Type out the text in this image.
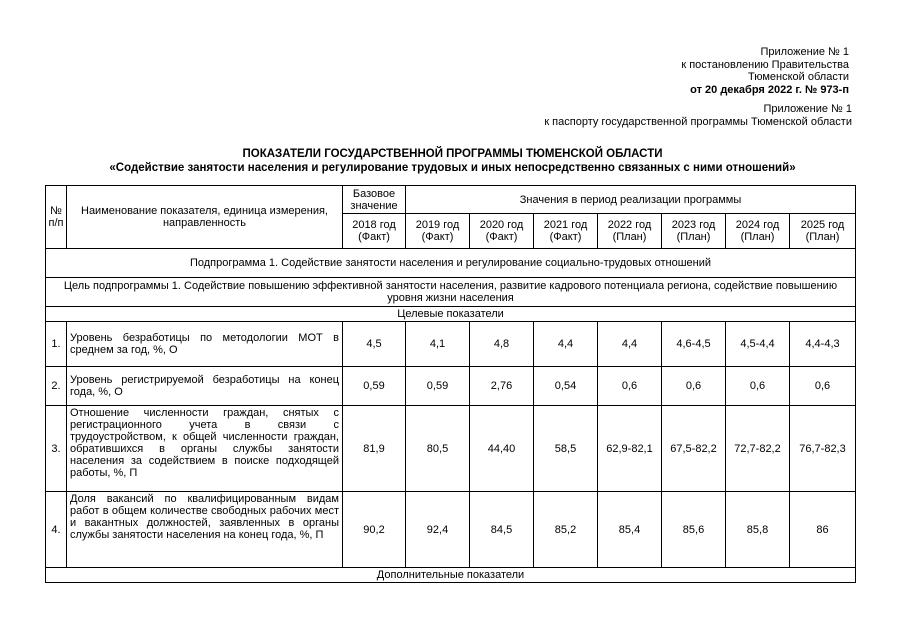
Приложение № 1
к постановлению Правительства
Тюменской области
от 20 декабря 2022 г. № 973-п
Приложение № 1
к паспорту государственной программы Тюменской области
ПОКАЗАТЕЛИ ГОСУДАРСТВЕННОЙ ПРОГРАММЫ ТЮМЕНСКОЙ ОБЛАСТИ
«Содействие занятости населения и регулирование трудовых и иных непосредственно связанных с ними отношений»
№ п/п	Наименование показателя, единица измерения, направленность	Базовое значение	Значения в период реализации программы						
		2018 год (Факт)	2019 год (Факт)	2020 год (Факт)	2021 год (Факт)	2022 год (План)	2023 год (План)	2024 год (План)	2025 год (План)
Подпрограмма 1. Содействие занятости населения и регулирование социально-трудовых отношений									
Цель подпрограммы 1. Содействие повышению эффективной занятости населения, развитие кадрового потенциала региона, содействие повышению уровня жизни населения									
Целевые показатели									
1.	Уровень безработицы по методологии МОТ в среднем за год, %, О	4,5	4,1	4,8	4,4	4,4	4,6-4,5	4,5-4,4	4,4-4,3
2.	Уровень регистрируемой безработицы на конец года, %, О	0,59	0,59	2,76	0,54	0,6	0,6	0,6	0,6
3.	Отношение численности граждан, снятых с регистрационного учета в связи с трудоустройством, к общей численности граждан, обратившихся в органы службы занятости населения за содействием в поиске подходящей работы, %, П	81,9	80,5	44,40	58,5	62,9-82,1	67,5-82,2	72,7-82,2	76,7-82,3
4.	Доля вакансий по квалифицированным видам работ в общем количестве свободных рабочих мест и вакантных должностей, заявленных в органы службы занятости населения на конец года, %, П	90,2	92,4	84,5	85,2	85,4	85,6	85,8	86
Дополнительные показатели									
